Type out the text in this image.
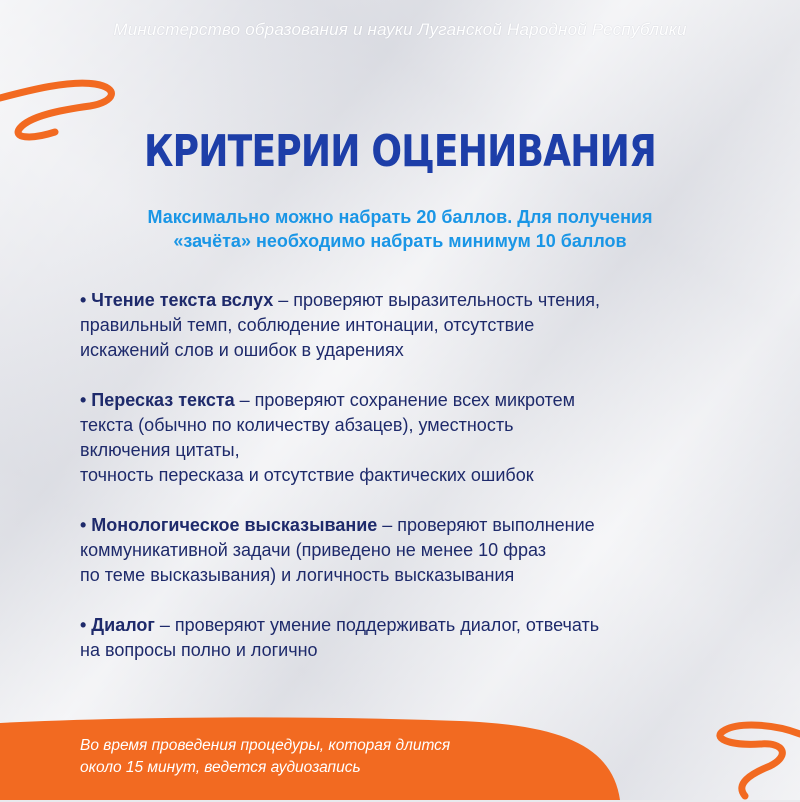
Министерство образования и науки Луганской Народной Республики
КРИТЕРИИ ОЦЕНИВАНИЯ
Максимально можно набрать 20 баллов. Для получения
«зачёта» необходимо набрать минимум 10 баллов
• Чтение текста вслух – проверяют выразительность чтения,
правильный темп, соблюдение интонации, отсутствие
искажений слов и ошибок в ударениях
• Пересказ текста – проверяют сохранение всех микротем
текста (обычно по количеству абзацев), уместность
включения цитаты,
точность пересказа и отсутствие фактических ошибок
• Монологическое высказывание – проверяют выполнение
коммуникативной задачи (приведено не менее 10 фраз
по теме высказывания) и логичность высказывания
• Диалог – проверяют умение поддерживать диалог, отвечать
на вопросы полно и логично
Во время проведения процедуры, которая длится
около 15 минут, ведется аудиозапись
